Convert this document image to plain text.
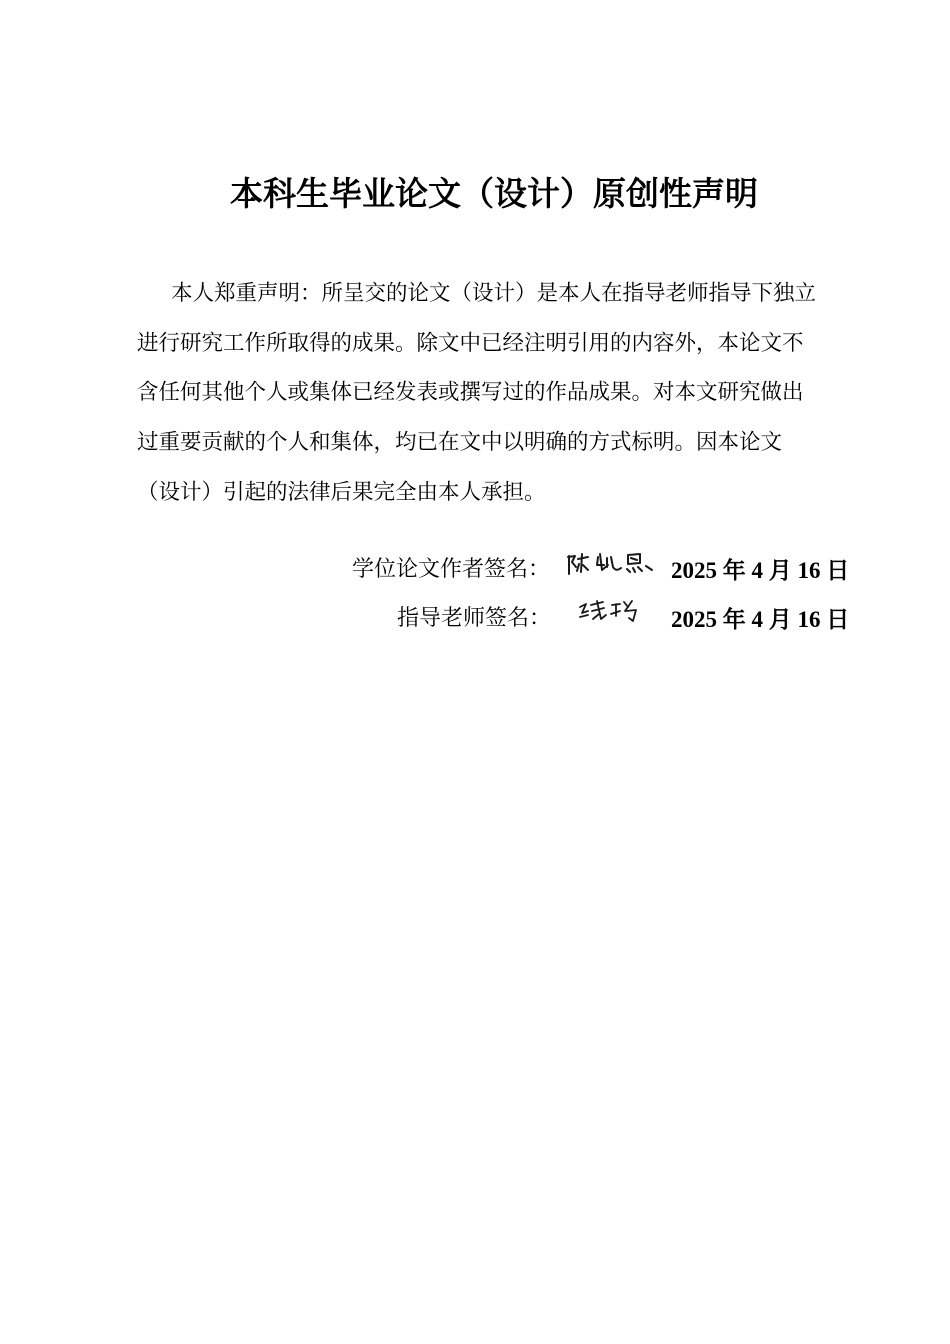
本科生毕业论文（设计）原创性声明
本人郑重声明：所呈交的论文（设计）是本人在指导老师指导下独立
进行研究工作所取得的成果。除文中已经注明引用的内容外，本论文不
含任何其他个人或集体已经发表或撰写过的作品成果。对本文研究做出
过重要贡献的个人和集体，均已在文中以明确的方式标明。因本论文
（设计）引起的法律后果完全由本人承担。
学位论文作者签名：	2025 年 4 月 16 日
指导老师签名：	2025 年 4 月 16 日
